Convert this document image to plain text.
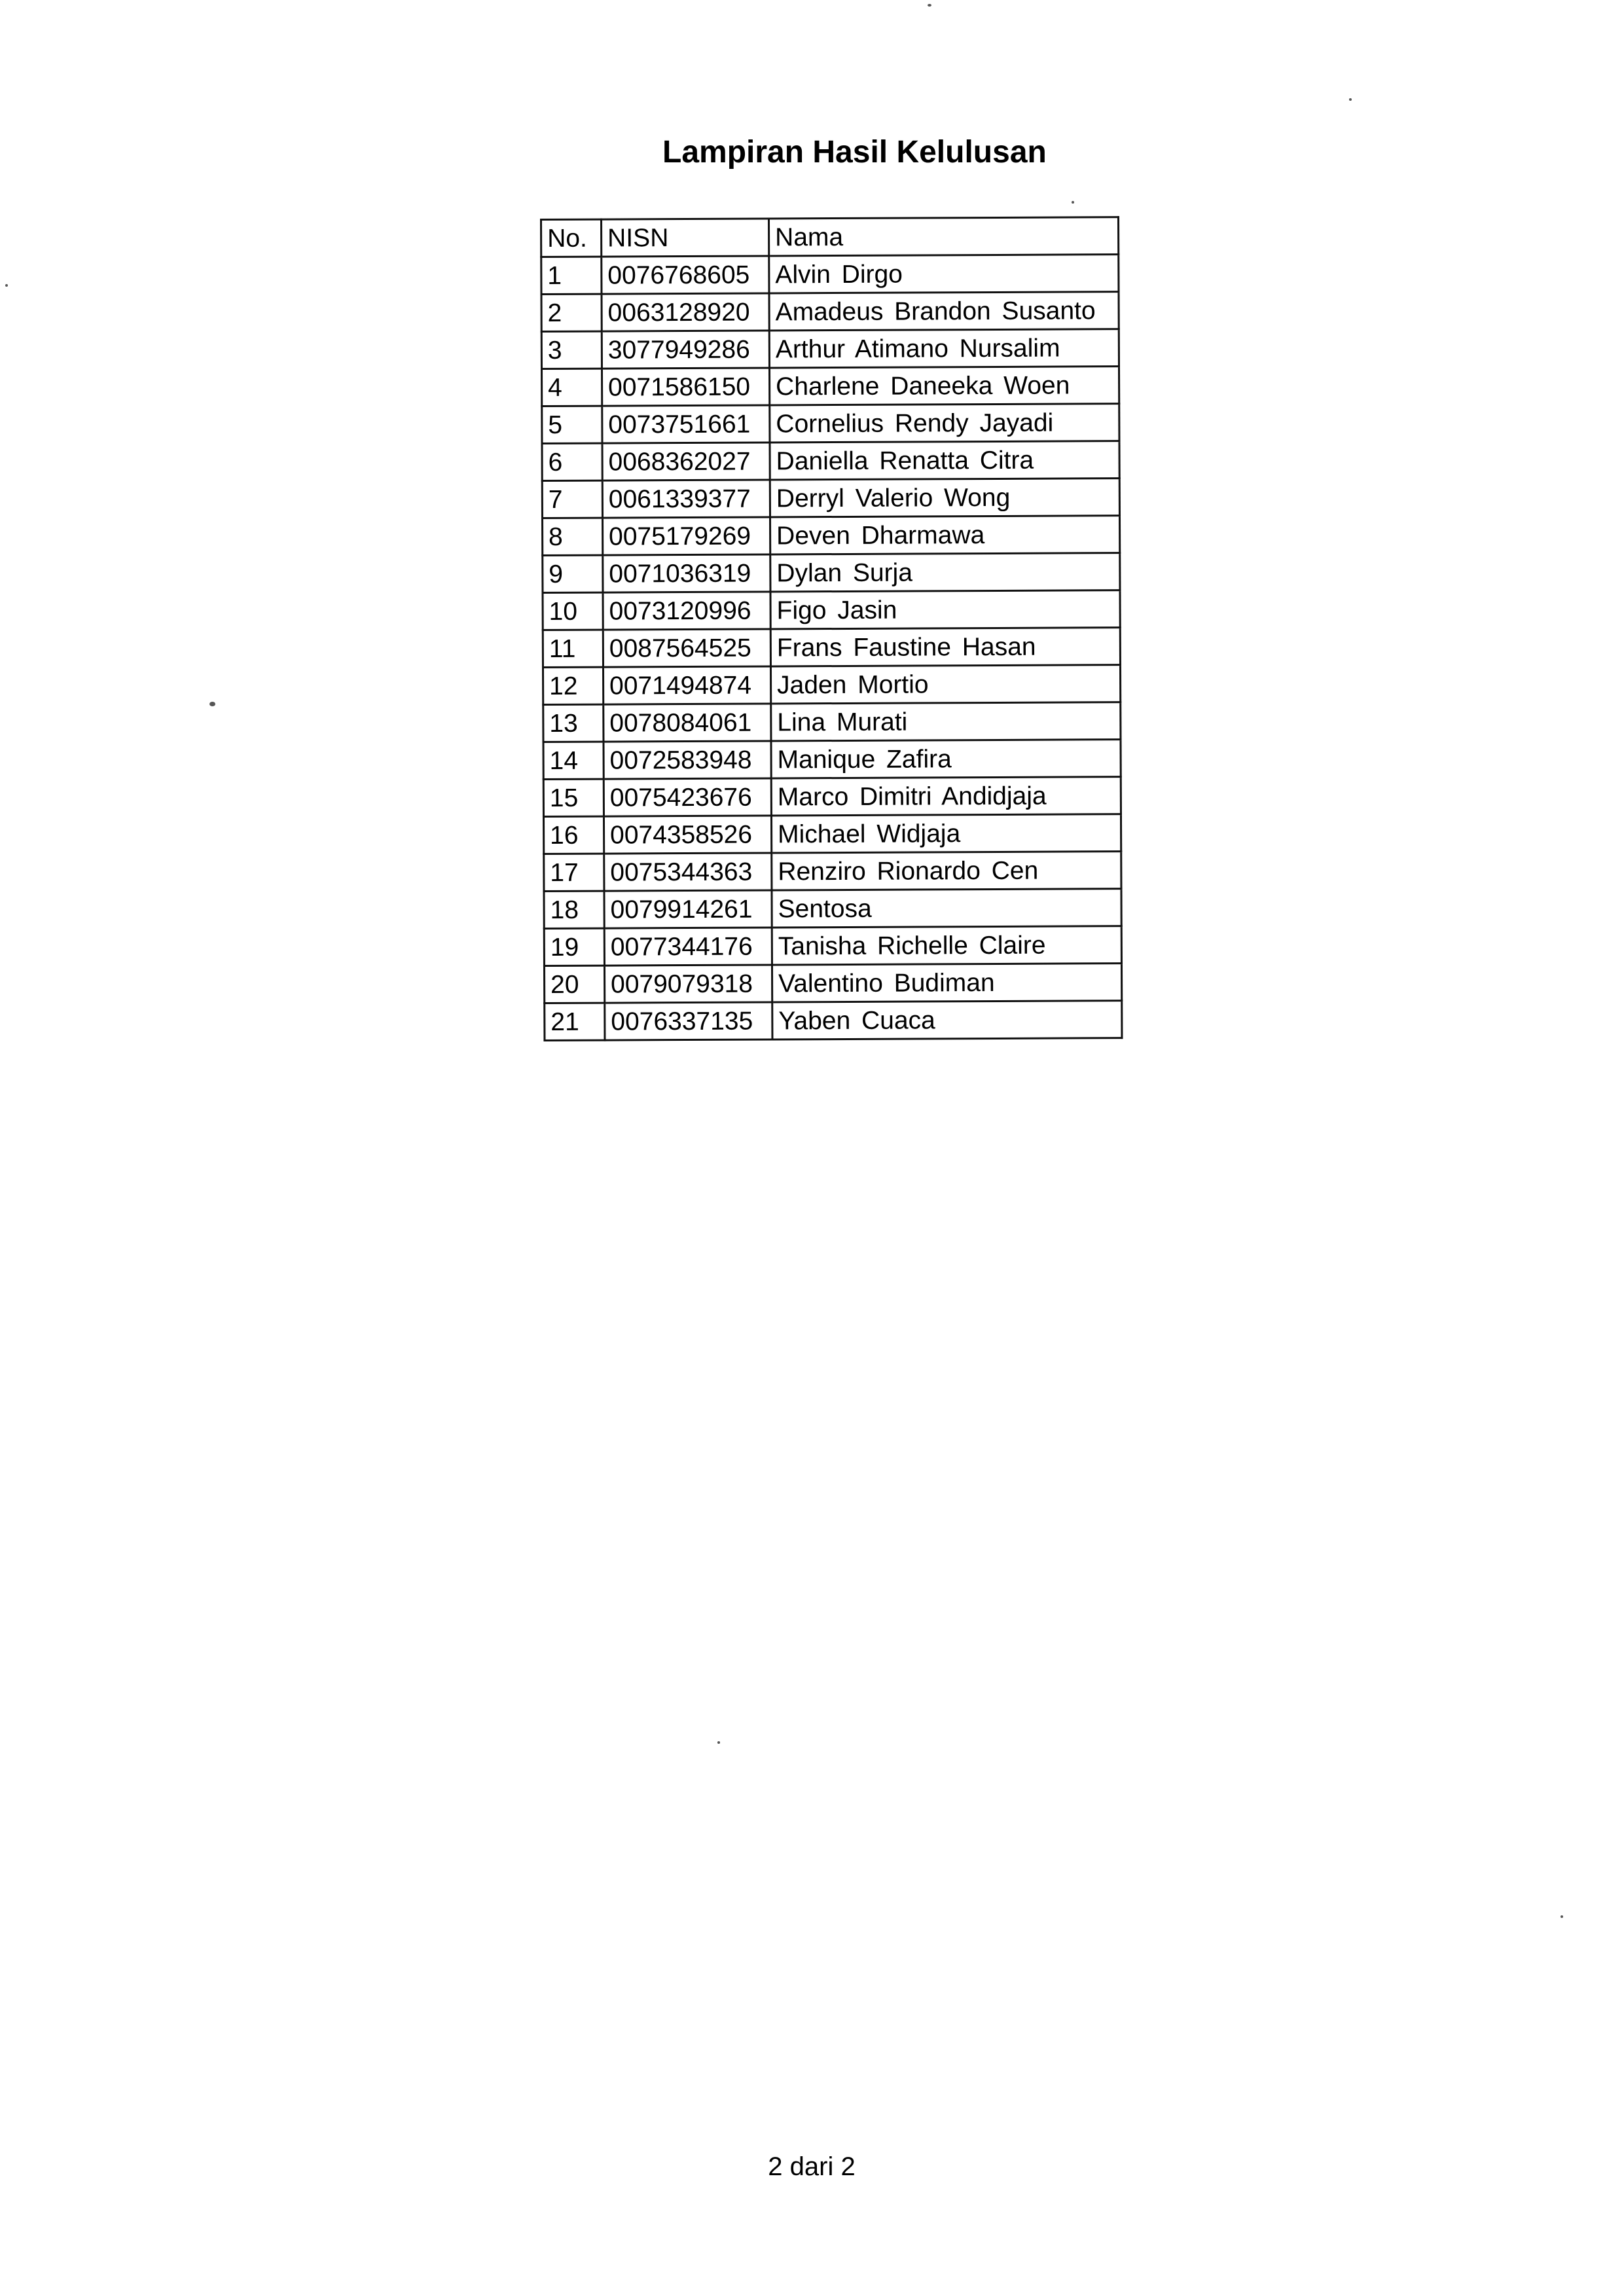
Lampiran Hasil Kelulusan
No.	NISN	Nama
1	0076768605	Alvin Dirgo
2	0063128920	Amadeus Brandon Susanto
3	3077949286	Arthur Atimano Nursalim
4	0071586150	Charlene Daneeka Woen
5	0073751661	Cornelius Rendy Jayadi
6	0068362027	Daniella Renatta Citra
7	0061339377	Derryl Valerio Wong
8	0075179269	Deven Dharmawa
9	0071036319	Dylan Surja
10	0073120996	Figo Jasin
11	0087564525	Frans Faustine Hasan
12	0071494874	Jaden Mortio
13	0078084061	Lina Murati
14	0072583948	Manique Zafira
15	0075423676	Marco Dimitri Andidjaja
16	0074358526	Michael Widjaja
17	0075344363	Renziro Rionardo Cen
18	0079914261	Sentosa
19	0077344176	Tanisha Richelle Claire
20	0079079318	Valentino Budiman
21	0076337135	Yaben Cuaca
2 dari 2
